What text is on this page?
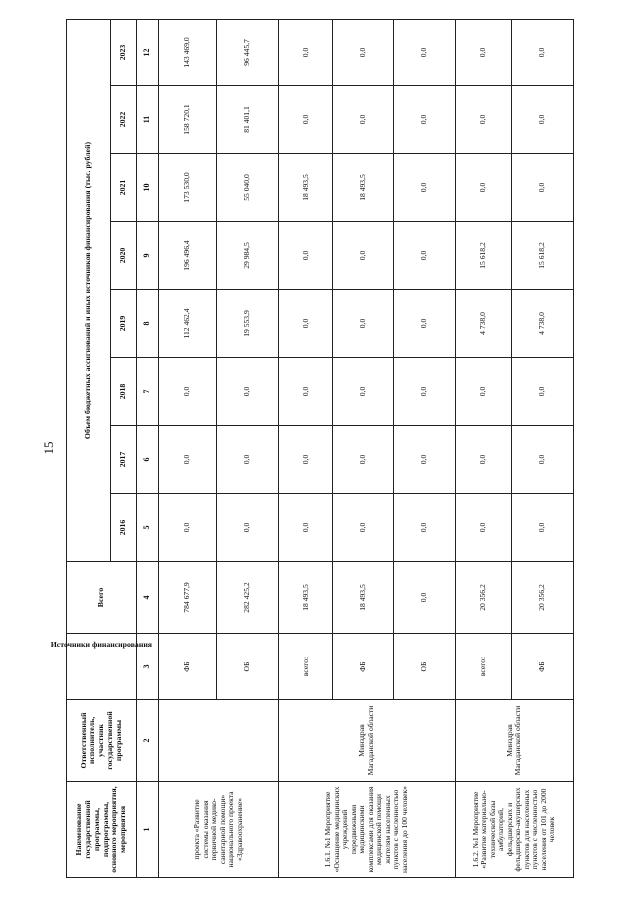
15
Наименование государственной программы, подпрограммы, основного мероприятия, мероприятия	Ответственный исполнитель, участник государственной программы	Источники финансирования	Всего	Объем бюджетных ассигнований и иных источников финансирования (тыс. рублей)							
				2016	2017	2018	2019	2020	2021	2022	2023
1	2	3	4	5	6	7	8	9	10	11	12
проекта «Развитие системы оказания первичной медико-санитарной помощи» национального проекта «Здравоохранение»		ФБ	784 677,9	0,0	0,0	0,0	112 462,4	196 496,4	173 530,0	158 720,1	143 469,0
		ОБ	282 425,2	0,0	0,0	0,0	19 553,9	29 984,5	55 040,0	81 401,1	96 445,7
1.6.1. №1 Мероприятие «Оснащение медицинских учреждений передвижными медицинскими комплексами для оказания медицинской помощи жителям населенных пунктов с численностью населения до 100 человек»	Минздрав Магаданской области	всего:	18 493,5	0,0	0,0	0,0	0,0	0,0	18 493,5	0,0	0,0
		ФБ	18 493,5	0,0	0,0	0,0	0,0	0,0	18 493,5	0,0	0,0
		ОБ	0,0	0,0	0,0	0,0	0,0	0,0	0,0	0,0	0,0
1.6.2. №1 Мероприятие «Развитие материально-технической базы амбулаторий, фельдшерских и фельдшерско-акушерских пунктов для населенных пунктов с численностью населения от 101 до 2000 человек	Минздрав Магаданской области	всего:	20 356,2	0,0	0,0	0,0	4 738,0	15 618,2	0,0	0,0	0,0
		ФБ	20 356,2	0,0	0,0	0,0	4 738,0	15 618,2	0,0	0,0	0,0
